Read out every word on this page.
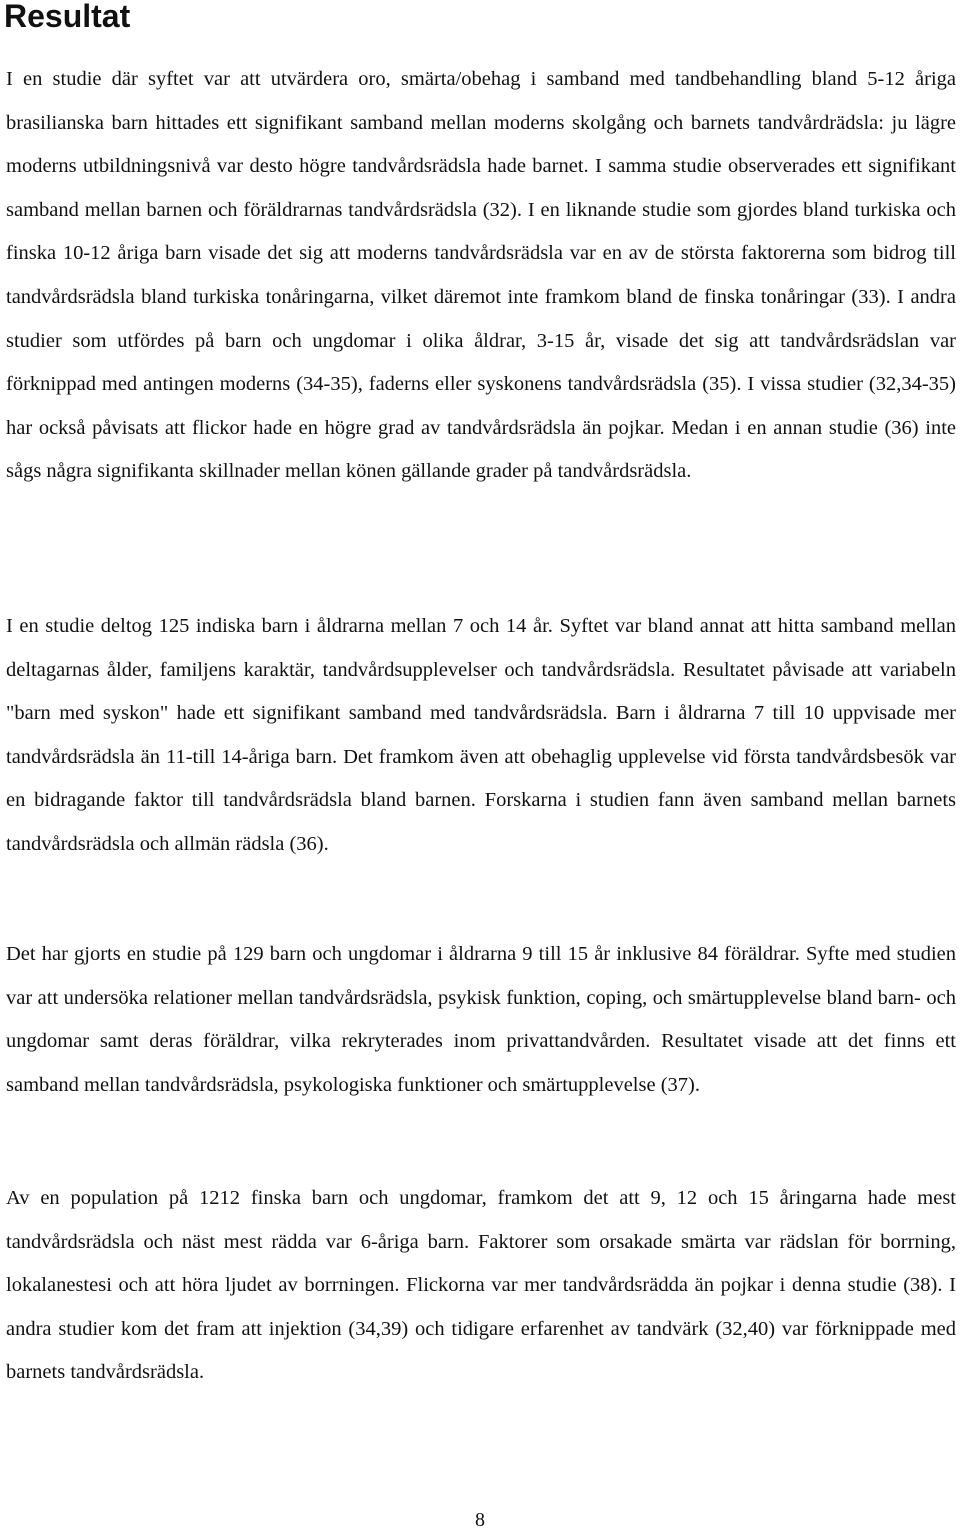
Resultat

I en studie där syftet var att utvärdera oro, smärta/obehag i samband med tandbehandling bland 5-12 åriga brasilianska barn hittades ett signifikant samband mellan moderns skolgång och barnets tandvårdrädsla: ju lägre moderns utbildningsnivå var desto högre tandvårdsrädsla hade barnet. I samma studie observerades ett signifikant samband mellan barnen och föräldrarnas tandvårdsrädsla (32). I en liknande studie som gjordes bland turkiska och finska 10-12 åriga barn visade det sig att moderns tandvårdsrädsla var en av de största faktorerna som bidrog till tandvårdsrädsla bland turkiska tonåringarna, vilket däremot inte framkom bland de finska tonåringar (33). I andra studier som utfördes på barn och ungdomar i olika åldrar, 3-15 år, visade det sig att tandvårdsrädslan var förknippad med antingen moderns (34-35), faderns eller syskonens tandvårdsrädsla (35). I vissa studier (32,34-35) har också påvisats att flickor hade en högre grad av tandvårdsrädsla än pojkar. Medan i en annan studie (36) inte sågs några signifikanta skillnader mellan könen gällande grader på tandvårdsrädsla.

I en studie deltog 125 indiska barn i åldrarna mellan 7 och 14 år. Syftet var bland annat att hitta samband mellan deltagarnas ålder, familjens karaktär, tandvårdsupplevelser och tandvårdsrädsla. Resultatet påvisade att variabeln "barn med syskon" hade ett signifikant samband med tandvårdsrädsla. Barn i åldrarna 7 till 10 uppvisade mer tandvårdsrädsla än 11-till 14-åriga barn. Det framkom även att obehaglig upplevelse vid första tandvårdsbesök var en bidragande faktor till tandvårdsrädsla bland barnen. Forskarna i studien fann även samband mellan barnets tandvårdsrädsla och allmän rädsla (36).

Det har gjorts en studie på 129 barn och ungdomar i åldrarna 9 till 15 år inklusive 84 föräldrar. Syfte med studien var att undersöka relationer mellan tandvårdsrädsla, psykisk funktion, coping, och smärtupplevelse bland barn- och ungdomar samt deras föräldrar, vilka rekryterades inom privattandvården. Resultatet visade att det finns ett samband mellan tandvårdsrädsla, psykologiska funktioner och smärtupplevelse (37).

Av en population på 1212 finska barn och ungdomar, framkom det att 9, 12 och 15 åringarna hade mest tandvårdsrädsla och näst mest rädda var 6-åriga barn. Faktorer som orsakade smärta var rädslan för borrning, lokalanestesi och att höra ljudet av borrningen. Flickorna var mer tandvårdsrädda än pojkar i denna studie (38). I andra studier kom det fram att injektion (34,39) och tidigare erfarenhet av tandvärk (32,40) var förknippade med barnets tandvårdsrädsla.

8
